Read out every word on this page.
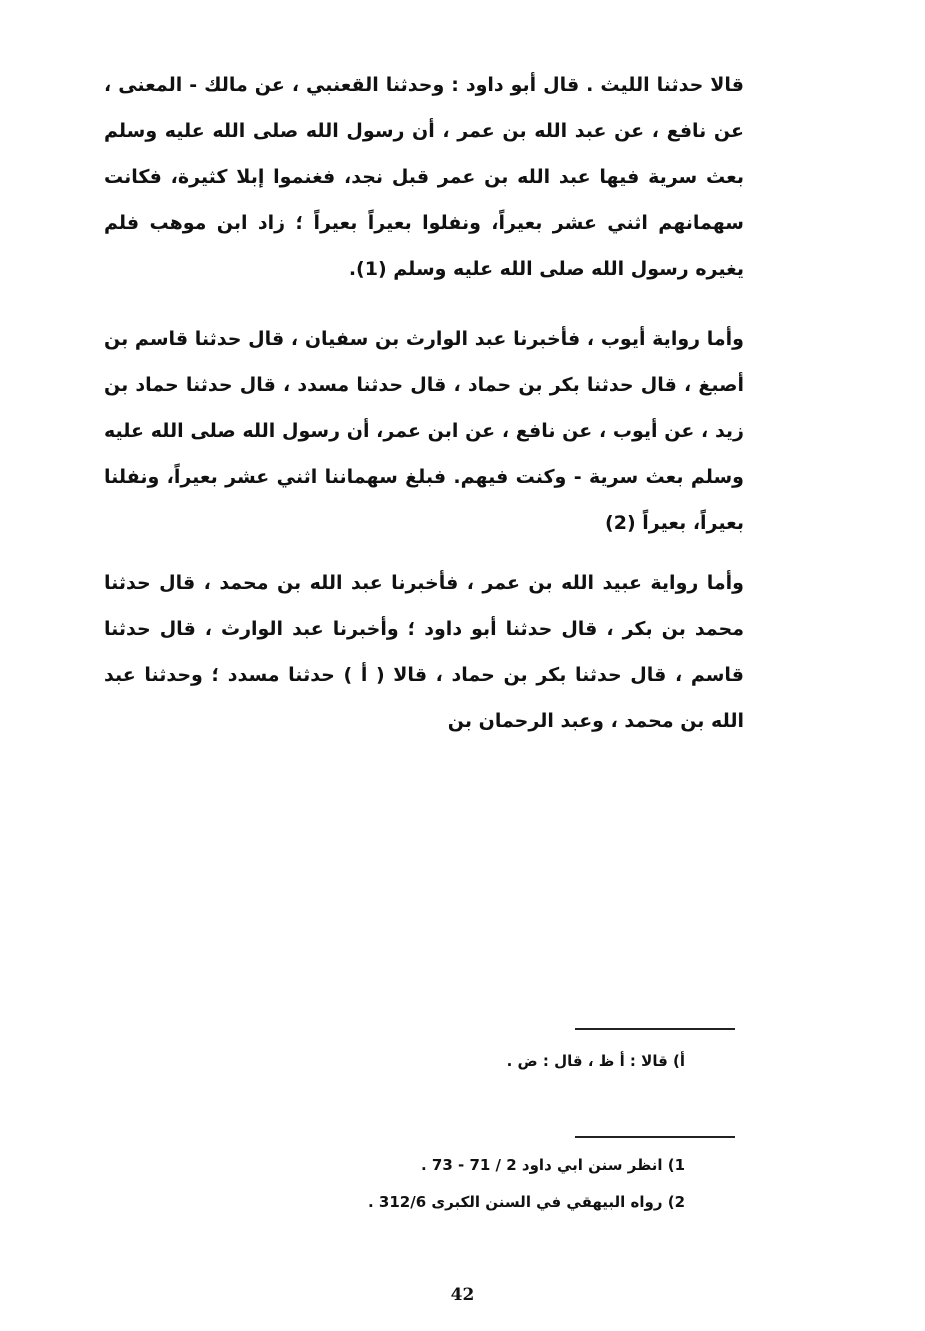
قالا حدثنا الليث . قال أبو داود : وحدثنا القعنبي ، عن مالك - المعنى ، عن نافع ، عن عبد الله بن عمر ، أن رسول الله صلى الله عليه وسلم بعث سرية فيها عبد الله بن عمر قبل نجد، فغنموا إبلا كثيرة، فكانت سهمانهم اثني عشر بعيراً، ونفلوا بعيراً بعيراً ؛ زاد ابن موهب فلم يغيره رسول الله صلى الله عليه وسلم (1).

وأما رواية أيوب ، فأخبرنا عبد الوارث بن سفيان ، قال حدثنا قاسم بن أصبغ ، قال حدثنا بكر بن حماد ، قال حدثنا مسدد ، قال حدثنا حماد بن زيد ، عن أيوب ، عن نافع ، عن ابن عمر، أن رسول الله صلى الله عليه وسلم بعث سرية - وكنت فيهم. فبلغ سهماننا اثني عشر بعيراً، ونفلنا بعيراً، بعيراً (2)

وأما رواية عبيد الله بن عمر ، فأخبرنا عبد الله بن محمد ، قال حدثنا محمد بن بكر ، قال حدثنا أبو داود ؛ وأخبرنا عبد الوارث ، قال حدثنا قاسم ، قال حدثنا بكر بن حماد ، قالا ( أ ) حدثنا مسدد ؛ وحدثنا عبد الله بن محمد ، وعبد الرحمان بن

أ) قالا : أ ظ ، قال : ض .

1) انظر سنن ابي داود 2 / 71 - 73 .

2) رواه البيهقي في السنن الكبرى 312/6 .

42
